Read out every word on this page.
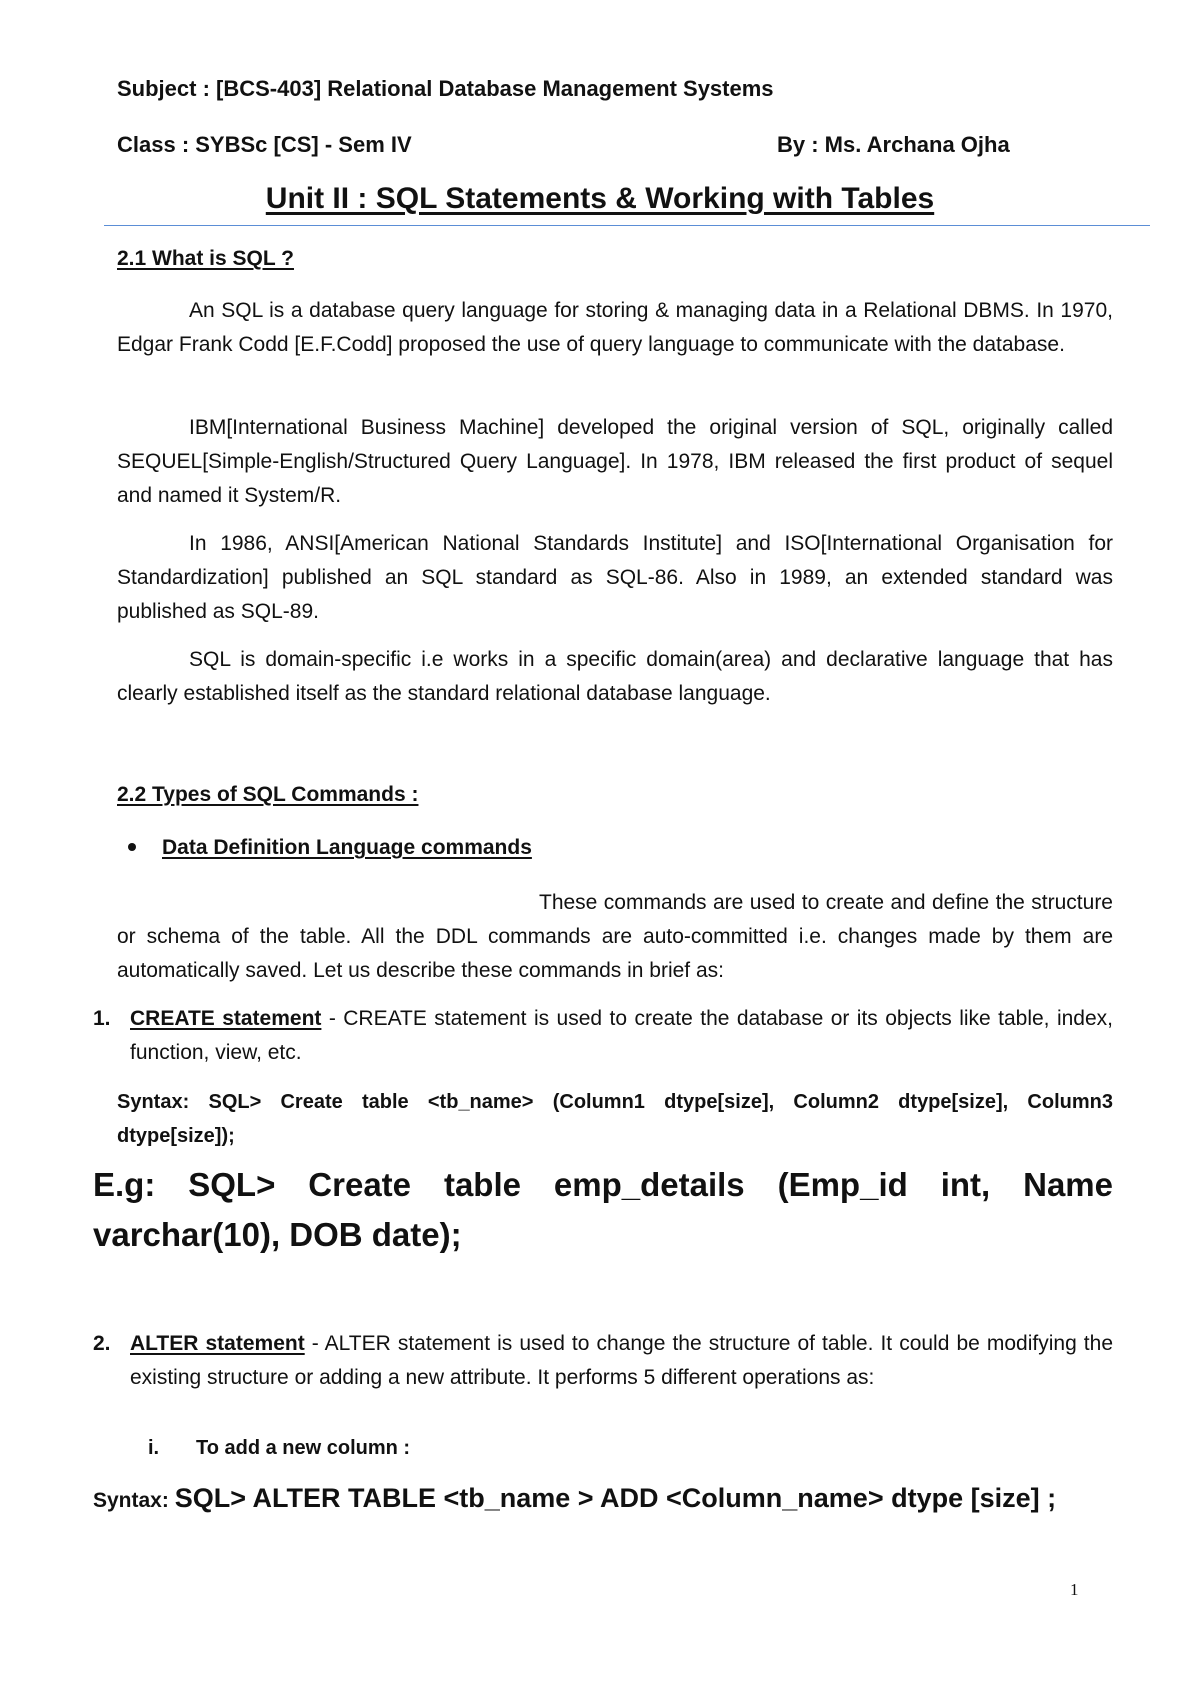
Subject : [BCS-403] Relational Database Management Systems
Class : SYBSc [CS] - Sem IV	By : Ms. Archana Ojha
Unit II : SQL Statements & Working with Tables
2.1 What is SQL ?
An SQL is a database query language for storing & managing data in a Relational DBMS. In 1970, Edgar Frank Codd [E.F.Codd] proposed the use of query language to communicate with the database.
IBM[International Business Machine] developed the original version of SQL, originally called SEQUEL[Simple-English/Structured Query Language]. In 1978, IBM released the first product of sequel and named it System/R.
In 1986, ANSI[American National Standards Institute] and ISO[International Organisation for Standardization] published an SQL standard as SQL-86. Also in 1989, an extended standard was published as SQL-89.
SQL is domain-specific i.e works in a specific domain(area) and declarative language that has clearly established itself as the standard relational database language.
2.2 Types of SQL Commands :
Data Definition Language commands
These commands are used to create and define the structure or schema of the table. All the DDL commands are auto-committed i.e. changes made by them are automatically saved. Let us describe these commands in brief as:
1. CREATE statement - CREATE statement is used to create the database or its objects like table, index, function, view, etc.
Syntax: SQL> Create table <tb_name> (Column1 dtype[size], Column2 dtype[size], Column3 dtype[size]);
E.g: SQL> Create table emp_details (Emp_id int, Name varchar(10), DOB date);
2. ALTER statement - ALTER statement is used to change the structure of table. It could be modifying the existing structure or adding a new attribute. It performs 5 different operations as:
i. To add a new column :
Syntax: SQL> ALTER TABLE <tb_name > ADD <Column_name> dtype [size] ;
1
